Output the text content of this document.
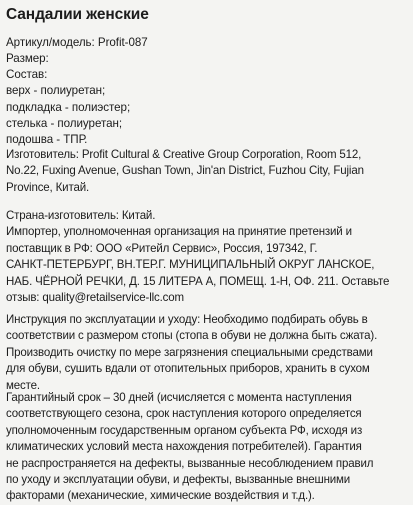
Сандалии женские
Артикул/модель: Profit-087
Размер:
Состав:
верх - полиуретан;
подкладка - полиэстер;
стелька - полиуретан;
подошва - ТПР.
Изготовитель: Profit Cultural & Creative Group Corporation, Room 512,
No.22, Fuxing Avenue, Gushan Town, Jin'an District, Fuzhou City, Fujian
Province, Китай.
Страна-изготовитель: Китай.
Импортер, уполномоченная организация на принятие претензий и
поставщик в РФ: ООО «Ритейл Сервис», Россия, 197342, Г.
САНКТ-ПЕТЕРБУРГ, ВН.ТЕР.Г. МУНИЦИПАЛЬНЫЙ ОКРУГ ЛАНСКОЕ,
НАБ. ЧЁРНОЙ РЕЧКИ, Д. 15 ЛИТЕРА А, ПОМЕЩ. 1-Н, ОФ. 211. Оставьте
отзыв: quality@retailservice-llc.com
Инструкция по эксплуатации и уходу: Необходимо подбирать обувь в
соответствии с размером стопы (стопа в обуви не должна быть сжата).
Производить очистку по мере загрязнения специальными средствами
для обуви, сушить вдали от отопительных приборов, хранить в сухом
месте.
Гарантийный срок – 30 дней (исчисляется с момента наступления
соответствующего сезона, срок наступления которого определяется
уполномоченным государственным органом субъекта РФ, исходя из
климатических условий места нахождения потребителей). Гарантия
не распространяется на дефекты, вызванные несоблюдением правил
по уходу и эксплуатации обуви, и дефекты, вызванные внешними
факторами (механические, химические воздействия и т.д.).
